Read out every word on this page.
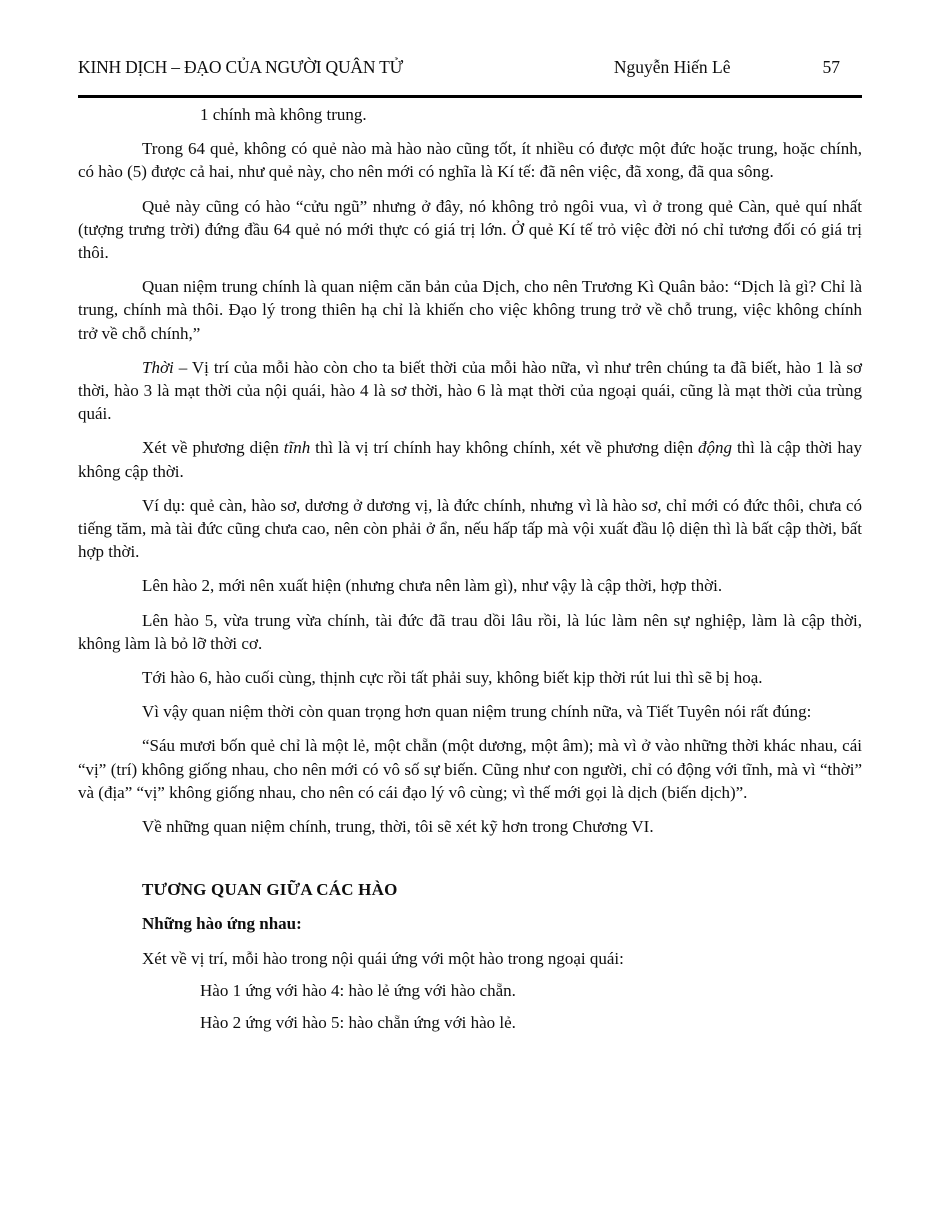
KINH DỊCH – ĐẠO CỦA NGƯỜI QUÂN TỬ	Nguyễn Hiến Lê	57

1 chính mà không trung.

Trong 64 quẻ, không có quẻ nào mà hào nào cũng tốt, ít nhiều có được một đức hoặc trung, hoặc chính, có hào (5) được cả hai, như quẻ này, cho nên mới có nghĩa là Kí tế: đã nên việc, đã xong, đã qua sông.

Quẻ này cũng có hào “cửu ngũ” nhưng ở đây, nó không trỏ ngôi vua, vì ở trong quẻ Càn, quẻ quí nhất (tượng trưng trời) đứng đầu 64 quẻ nó mới thực có giá trị lớn. Ở quẻ Kí tế trỏ việc đời nó chỉ tương đối có giá trị thôi.

Quan niệm trung chính là quan niệm căn bản của Dịch, cho nên Trương Kì Quân bảo: “Dịch là gì? Chỉ là trung, chính mà thôi. Đạo lý trong thiên hạ chỉ là khiến cho việc không trung trở về chỗ trung, việc không chính trở về chỗ chính,”

Thời – Vị trí của mỗi hào còn cho ta biết thời của mỗi hào nữa, vì như trên chúng ta đã biết, hào 1 là sơ thời, hào 3 là mạt thời của nội quái, hào 4 là sơ thời, hào 6 là mạt thời của ngoại quái, cũng là mạt thời của trùng quái.

Xét về phương diện tĩnh thì là vị trí chính hay không chính, xét về phương diện động thì là cập thời hay không cập thời.

Ví dụ: quẻ càn, hào sơ, dương ở dương vị, là đức chính, nhưng vì là hào sơ, chỉ mới có đức thôi, chưa có tiếng tăm, mà tài đức cũng chưa cao, nên còn phải ở ẩn, nếu hấp tấp mà vội xuất đầu lộ diện thì là bất cập thời, bất hợp thời.

Lên hào 2, mới nên xuất hiện (nhưng chưa nên làm gì), như vậy là cập thời, hợp thời.

Lên hào 5, vừa trung vừa chính, tài đức đã trau dồi lâu rồi, là lúc làm nên sự nghiệp, làm là cập thời, không làm là bỏ lỡ thời cơ.

Tới hào 6, hào cuối cùng, thịnh cực rồi tất phải suy, không biết kịp thời rút lui thì sẽ bị hoạ.

Vì vậy quan niệm thời còn quan trọng hơn quan niệm trung chính nữa, và Tiết Tuyên nói rất đúng:

“Sáu mươi bốn quẻ chỉ là một lẻ, một chẵn (một dương, một âm); mà vì ở vào những thời khác nhau, cái “vị” (trí) không giống nhau, cho nên mới có vô số sự biến. Cũng như con người, chỉ có động với tĩnh, mà vì “thời” và (địa” “vị” không giống nhau, cho nên có cái đạo lý vô cùng; vì thế mới gọi là dịch (biến dịch)”.

Về những quan niệm chính, trung, thời, tôi sẽ xét kỹ hơn trong Chương VI.

TƯƠNG QUAN GIỮA CÁC HÀO

Những hào ứng nhau:

Xét về vị trí, mỗi hào trong nội quái ứng với một hào trong ngoại quái:

Hào 1 ứng với hào 4: hào lẻ ứng với hào chẵn.

Hào 2 ứng với hào 5: hào chẵn ứng với hào lẻ.
